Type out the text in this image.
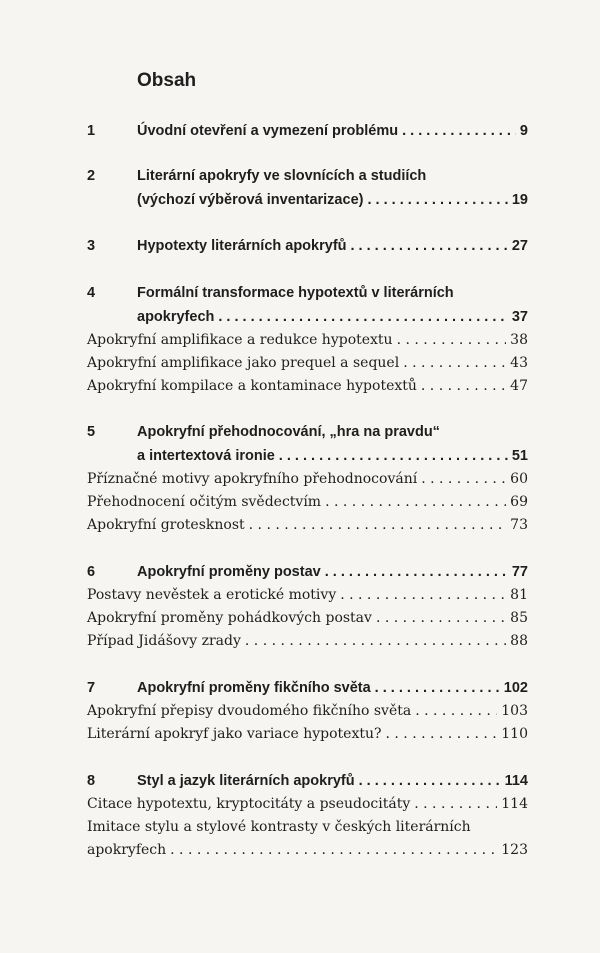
Obsah
1	Úvodní otevření a vymezení problému . . .	9
2	Literární apokryfy ve slovnících a studiích
(výchozí výběrová inventarizace) . . .	19
3	Hypotexty literárních apokryfů . . .	27
4	Formální transformace hypotextů v literárních
apokryfech . . .	37
Apokryfní amplifikace a redukce hypotextu . . .	38
Apokryfní amplifikace jako prequel a sequel . . .	43
Apokryfní kompilace a kontaminace hypotextů . . .	47
5	Apokryfní přehodnocování, „hra na pravdu“
a intertextová ironie . . .	51
Příznačné motivy apokryfního přehodnocování . . .	60
Přehodnocení očitým svědectvím . . .	69
Apokryfní grotesknost . . .	73
6	Apokryfní proměny postav . . .	77
Postavy nevěstek a erotické motivy . . .	81
Apokryfní proměny pohádkových postav . . .	85
Případ Jidášovy zrady . . .	88
7	Apokryfní proměny fikčního světa . . .	102
Apokryfní přepisy dvoudomého fikčního světa . . .	103
Literární apokryf jako variace hypotextu? . . .	110
8	Styl a jazyk literárních apokryfů . . .	114
Citace hypotextu, kryptocitáty a pseudocitáty . . .	114
Imitace stylu a stylové kontrasty v českých literárních
apokryfech . . .	123
